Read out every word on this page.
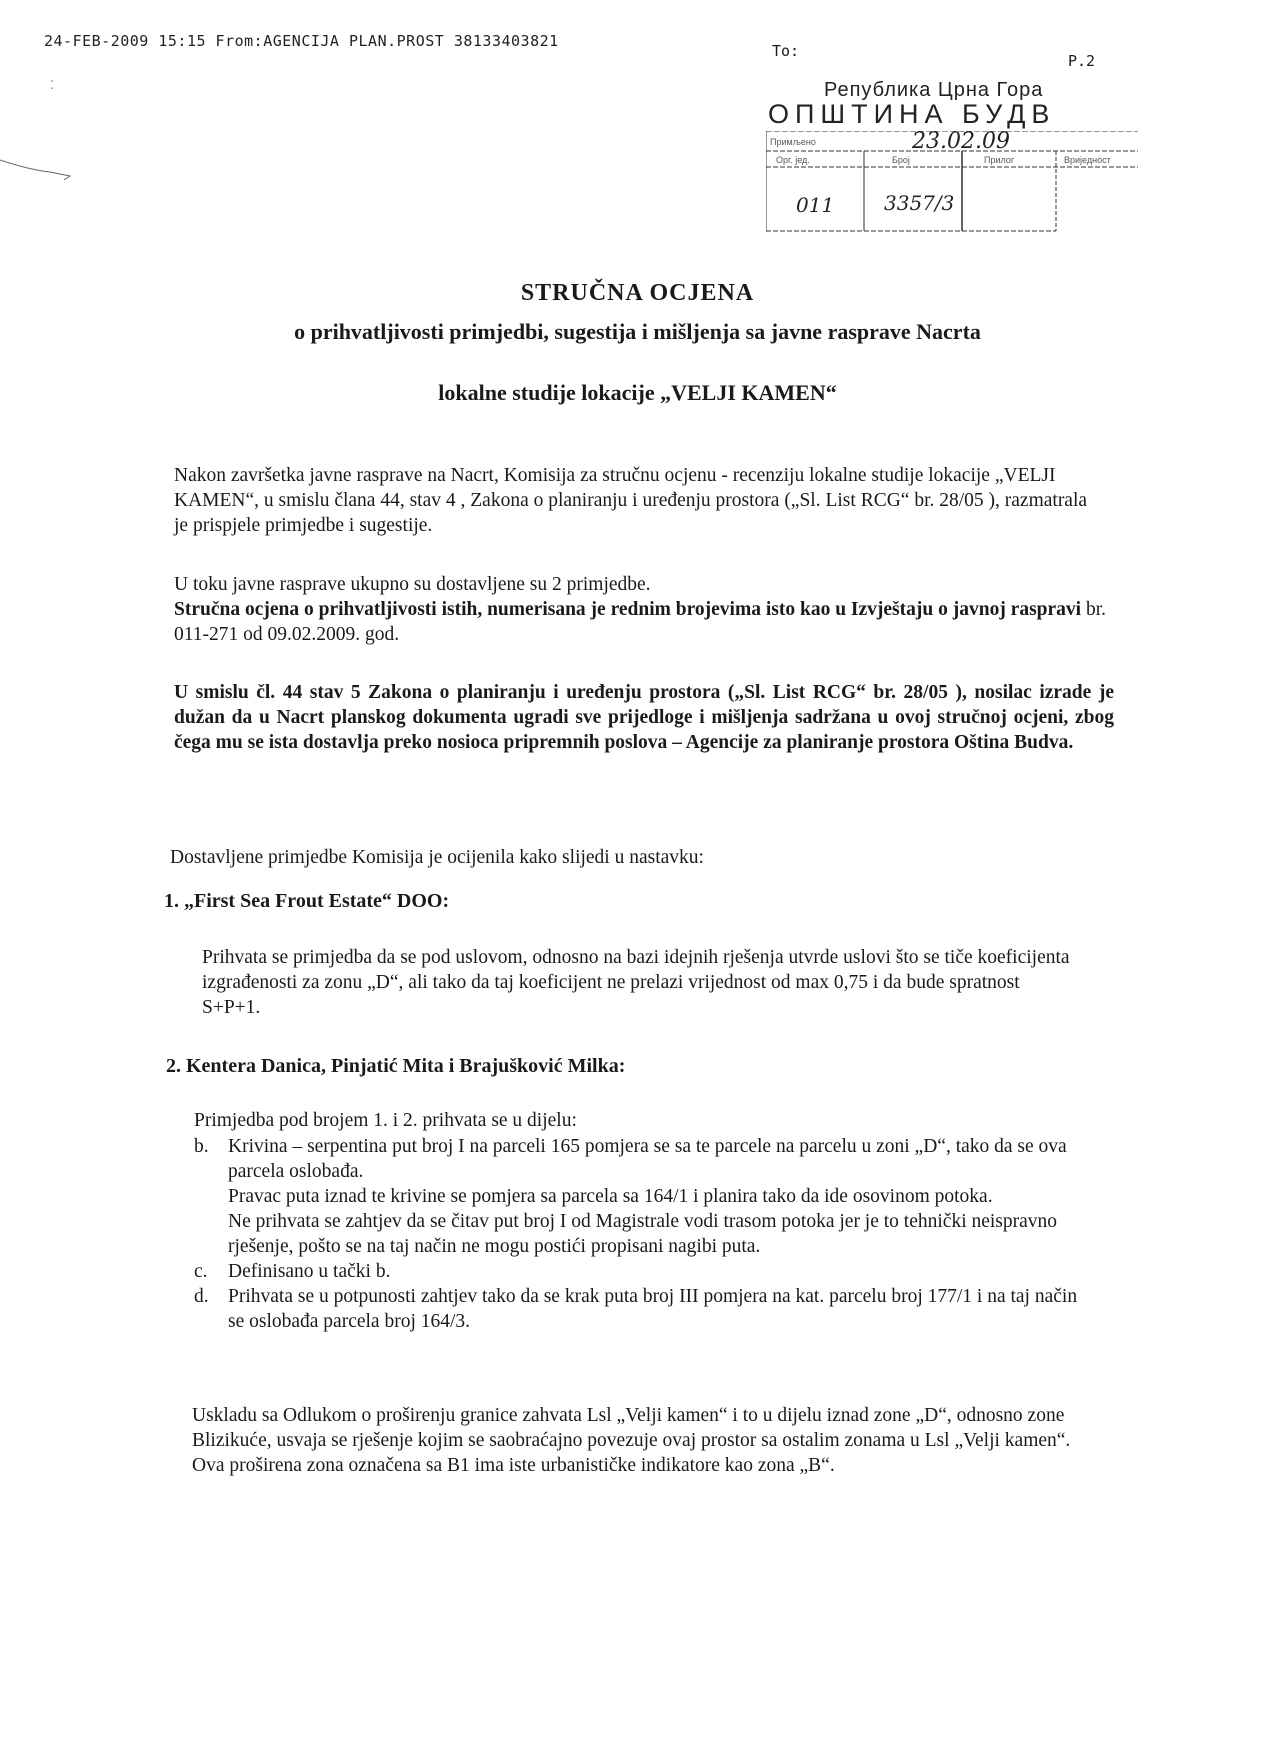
24-FEB-2009 15:15 From:AGENCIJA PLAN.PROST 38133403821
To:
P.2
⁚	Република Црна Гора
ОПШТИНА БУДВ
Примљено	23.02.09
Орг. јед.	Број	Прилог	Вриједност
011 3357/3
STRUČNA OCJENA
o prihvatljivosti primjedbi, sugestija i mišljenja sa javne rasprave Nacrta
lokalne studije lokacije „VELJI KAMEN“
Nakon završetka javne rasprave na Nacrt, Komisija za stručnu ocjenu - recenziju lokalne studije lokacije „VELJI KAMEN“, u smislu člana 44, stav 4 , Zakona o planiranju i uređenju prostora („Sl. List RCG“ br. 28/05 ), razmatrala je prispjele primjedbe i sugestije.
U toku javne rasprave ukupno su dostavljene su 2 primjedbe.
Stručna ocjena o prihvatljivosti istih, numerisana je rednim brojevima isto kao u Izvještaju o javnoj raspravi br. 011-271 od 09.02.2009. god.
U smislu čl. 44 stav 5 Zakona o planiranju i uređenju prostora („Sl. List RCG“ br. 28/05 ), nosilac izrade je dužan da u Nacrt planskog dokumenta ugradi sve prijedloge i mišljenja sadržana u ovoj stručnoj ocjeni, zbog čega mu se ista dostavlja preko nosioca pripremnih poslova – Agencije za planiranje prostora Oština Budva.
Dostavljene primjedbe Komisija je ocijenila kako slijedi u nastavku:
1. „First Sea Frout Estate“ DOO:
Prihvata se primjedba da se pod uslovom, odnosno na bazi idejnih rješenja utvrde uslovi što se tiče koeficijenta izgrađenosti za zonu „D“, ali tako da taj koeficijent ne prelazi vrijednost od max 0,75 i da bude spratnost S+P+1.
2. Kentera Danica, Pinjatić Mita i Brajušković Milka:
Primjedba pod brojem 1. i 2. prihvata se u dijelu:
b. Krivina – serpentina put broj I na parceli 165 pomjera se sa te parcele na parcelu u zoni „D“, tako da se ova parcela oslobađa.
Pravac puta iznad te krivine se pomjera sa parcela sa 164/1 i planira tako da ide osovinom potoka.
Ne prihvata se zahtjev da se čitav put broj I od Magistrale vodi trasom potoka jer je to tehnički neispravno rješenje, pošto se na taj način ne mogu postići propisani nagibi puta.
c. Definisano u tački b.
d. Prihvata se u potpunosti zahtjev tako da se krak puta broj III pomjera na kat. parcelu broj 177/1 i na taj način se oslobađa parcela broj 164/3.
Uskladu sa Odlukom o proširenju granice zahvata Lsl „Velji kamen“ i to u dijelu iznad zone „D“, odnosno zone Blizikuće, usvaja se rješenje kojim se saobraćajno povezuje ovaj prostor sa ostalim zonama u Lsl „Velji kamen“. Ova proširena zona označena sa B1 ima iste urbanističke indikatore kao zona „B“.
